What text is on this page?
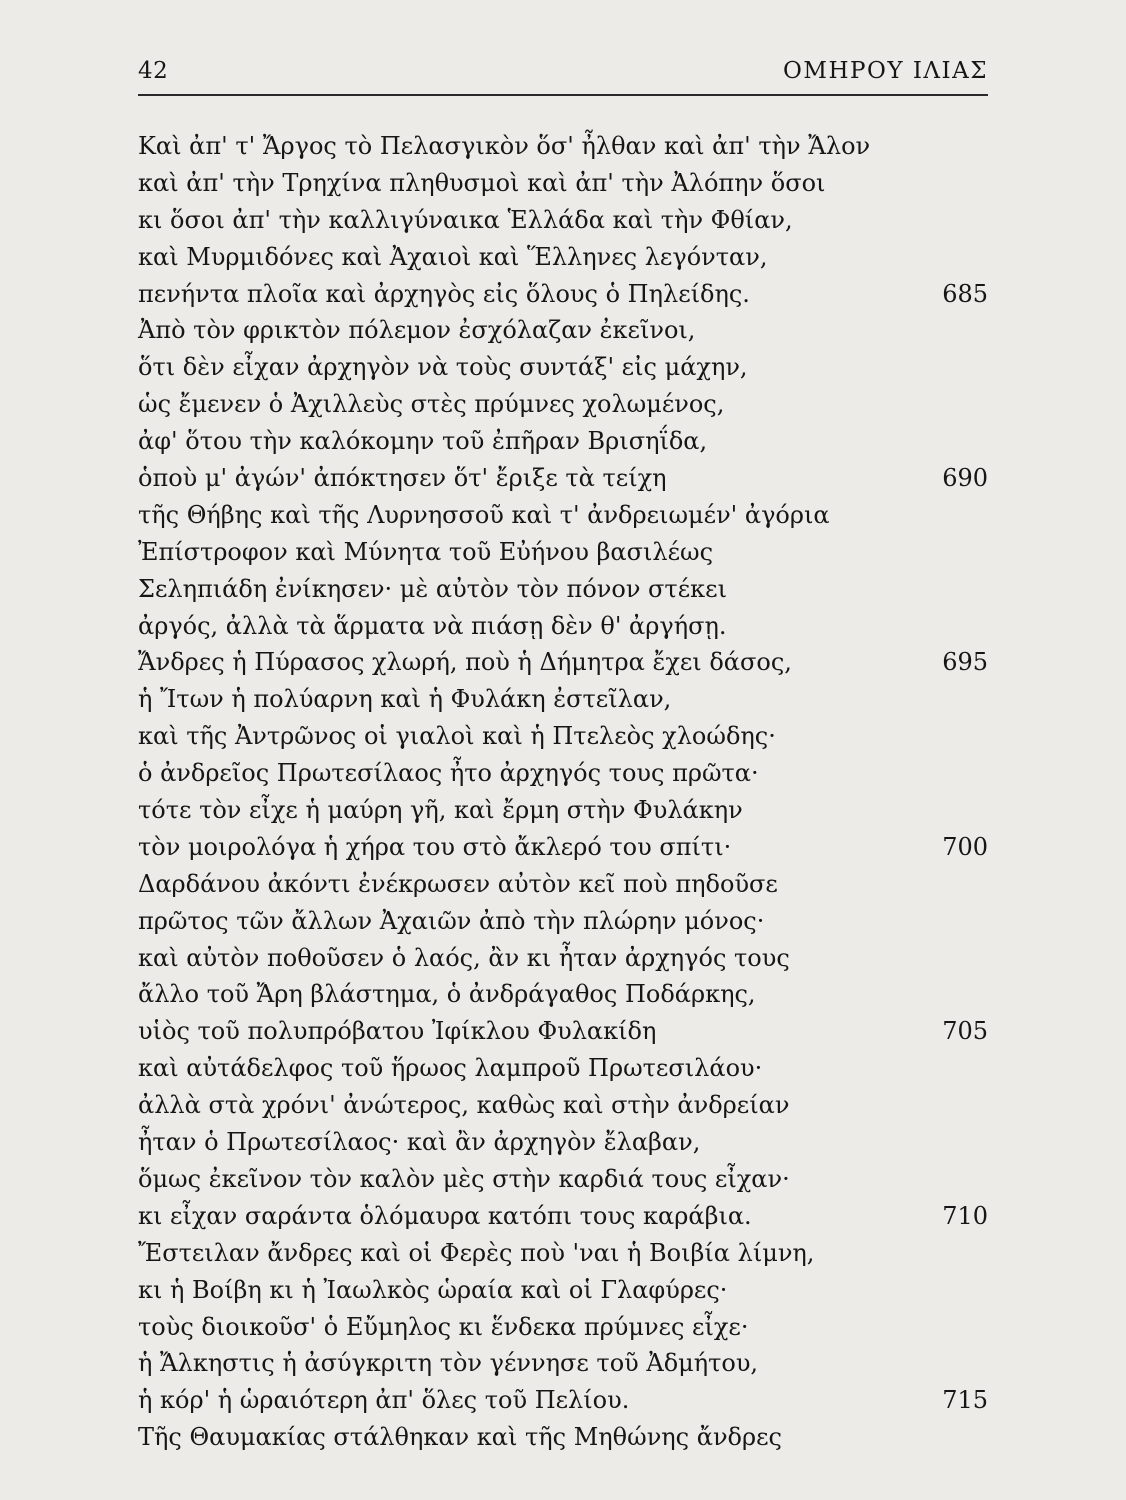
42	ΟΜΗΡΟΥ ΙΛΙΑΣ
Καὶ ἀπ' τ' Ἄργος τὸ Πελασγικὸν ὅσ' ἦλθαν καὶ ἀπ' τὴν Ἄλον
καὶ ἀπ' τὴν Τρηχίνα πληθυσμοὶ καὶ ἀπ' τὴν Ἀλόπην ὅσοι
κι ὅσοι ἀπ' τὴν καλλιγύναικα Ἑλλάδα καὶ τὴν Φθίαν,
καὶ Μυρμιδόνες καὶ Ἀχαιοὶ καὶ Ἕλληνες λεγόνταν,
πενήντα πλοῖα καὶ ἀρχηγὸς εἰς ὅλους ὁ Πηλείδης.	685
Ἀπὸ τὸν φρικτὸν πόλεμον ἐσχόλαζαν ἐκεῖνοι,
ὅτι δὲν εἶχαν ἀρχηγὸν νὰ τοὺς συντάξ' εἰς μάχην,
ὡς ἔμενεν ὁ Ἀχιλλεὺς στὲς πρύμνες χολωμένος,
ἀφ' ὅτου τὴν καλόκομην τοῦ ἐπῆραν Βρισηΐδα,
ὁποὺ μ' ἀγών' ἀπόκτησεν ὅτ' ἔριξε τὰ τείχη	690
τῆς Θήβης καὶ τῆς Λυρνησσοῦ καὶ τ' ἀνδρειωμέν' ἀγόρια
Ἐπίστροφον καὶ Μύνητα τοῦ Εὐήνου βασιλέως
Σεληπιάδη ἐνίκησεν· μὲ αὐτὸν τὸν πόνον στέκει
ἀργός, ἀλλὰ τὰ ἅρματα νὰ πιάσῃ δὲν θ' ἀργήσῃ.
Ἄνδρες ἡ Πύρασος χλωρή, ποὺ ἡ Δήμητρα ἔχει δάσος,	695
ἡ Ἴτων ἡ πολύαρνη καὶ ἡ Φυλάκη ἐστεῖλαν,
καὶ τῆς Ἀντρῶνος οἱ γιαλοὶ καὶ ἡ Πτελεὸς χλοώδης·
ὁ ἀνδρεῖος Πρωτεσίλαος ἦτο ἀρχηγός τους πρῶτα·
τότε τὸν εἶχε ἡ μαύρη γῆ, καὶ ἔρμη στὴν Φυλάκην
τὸν μοιρολόγα ἡ χήρα του στὸ ἄκλερό του σπίτι·	700
Δαρδάνου ἀκόντι ἐνέκρωσεν αὐτὸν κεῖ ποὺ πηδοῦσε
πρῶτος τῶν ἄλλων Ἀχαιῶν ἀπὸ τὴν πλώρην μόνος·
καὶ αὐτὸν ποθοῦσεν ὁ λαός, ἂν κι ἦταν ἀρχηγός τους
ἄλλο τοῦ Ἄρη βλάστημα, ὁ ἀνδράγαθος Ποδάρκης,
υἱὸς τοῦ πολυπρόβατου Ἰφίκλου Φυλακίδη	705
καὶ αὐτάδελφος τοῦ ἥρωος λαμπροῦ Πρωτεσιλάου·
ἀλλὰ στὰ χρόνι' ἀνώτερος, καθὼς καὶ στὴν ἀνδρείαν
ἦταν ὁ Πρωτεσίλαος· καὶ ἂν ἀρχηγὸν ἔλαβαν,
ὅμως ἐκεῖνον τὸν καλὸν μὲς στὴν καρδιά τους εἶχαν·
κι εἶχαν σαράντα ὁλόμαυρα κατόπι τους καράβια.	710
Ἔστειλαν ἄνδρες καὶ οἱ Φερὲς ποὺ 'ναι ἡ Βοιβία λίμνη,
κι ἡ Βοίβη κι ἡ Ἰαωλκὸς ὡραία καὶ οἱ Γλαφύρες·
τοὺς διοικοῦσ' ὁ Εὔμηλος κι ἕνδεκα πρύμνες εἶχε·
ἡ Ἄλκηστις ἡ ἀσύγκριτη τὸν γέννησε τοῦ Ἀδμήτου,
ἡ κόρ' ἡ ὡραιότερη ἀπ' ὅλες τοῦ Πελίου.	715
Τῆς Θαυμακίας στάλθηκαν καὶ τῆς Μηθώνης ἄνδρες
